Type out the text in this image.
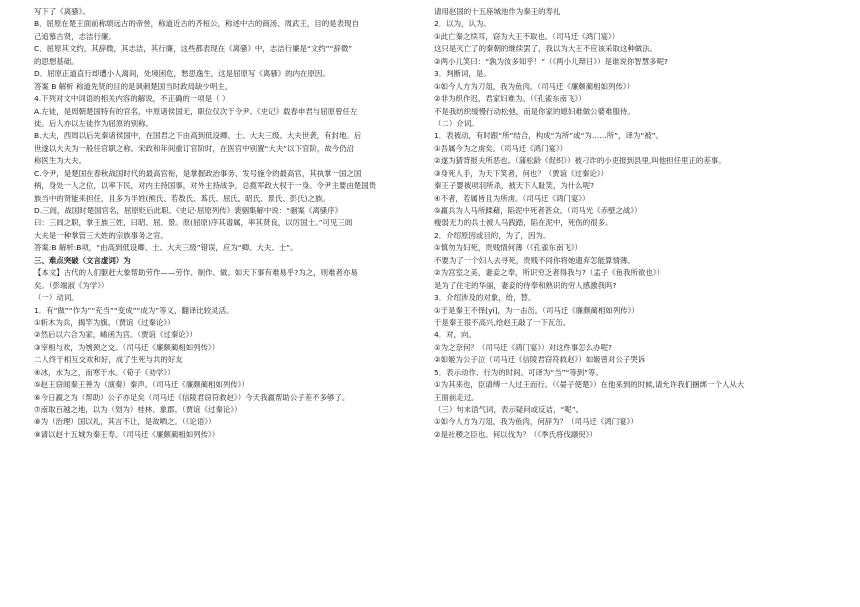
写下了《离骚》。
B．屈原在楚王面前称颂远古的帝喾，称道近古的齐桓公，称述中古的商汤、周武王，目的是表现自
己追慕古贤，志洁行廉。
C．屈原其文约，其辞微，其志洁，其行廉，这些都表现在《离骚》中，志洁行廉是“文约”“辞微”
的思想基础。
D．屈原正道直行却遭小人离间，处境困危，愁思逸生，这是屈原写《离骚》的内在原因。
答案 B 解析 称道先贤的目的是讽刺楚国当时政局缺少明主。
4.下列对文中词语的相关内容的解说，不正确的一项是（ ）
A.左徒，是周朝楚国特有的官名，中原诸侯国无，职位仅次于令尹。《史记》载春申君与屈原曾任左
徒。后人亦以左徒作为屈原的别称。
B.大夫，西周以后先秦诸侯国中，在国君之下由高到低设卿、士、大夫三级。大夫世袭，有封地。后
世遂以大夫为一般任官职之称。宋政和年间重订官阶时，在医官中别置“大夫”以下官阶，故今仍沿
称医生为大夫。
C.令尹，是楚国在春秋战国时代的最高官衔，是掌握政治事务、发号施令的最高官，其执掌一国之国
柄，身处一人之位，以率下民，对内主持国事，对外主持战争，总揽军政大权于一身。令尹主要由楚国贵
族当中的贤能来担任，且多为半姓(熊氏、若敖氏、蒍氏、屈氏、昭氏、景氏、彭氏)之族。
D.三闾，战国时楚国官名，屈原贬后此职。《史记·屈原列传》裴骃集解中说：“骃案《离骚序》
曰：三闾之职，掌王族三姓，曰昭、屈、景。原(屈原)序其谱属，率其贤良，以厉国士。”可见三闾
大夫是一种掌管三大姓的宗族事务之官。
答案:B 解析:B项，“由高到低设卿、士、大夫三级”错误，应为“卿、大夫、士”。
三、难点突破（文言虚词）为
【本文】古代的人们躯赶大象帮助劳作——劳作、制作、做。如天下事有难易乎?为之，则难者亦易
矣。（彭端淑《为学》）
（一）动词。
1．有“做”“作为”“充当”“变成”“成为”等义，翻译比较灵活。
①斩木为兵，揭竿为旗。（贾谊《过秦论》）
②然后以六合为家，崤函为宫。（贾谊《过秦论》）
③宰相与欢，为刎颈之交。（司马迁《廉颇蔺相如列传》）
二人终于相互交欢和好，成了生死与共的好友
④冰，水为之，而寒于水。（荀子《劝学》）
⑤赵王窃闻秦王善为（演奏）秦声。（司马迁《廉颇蔺相如列传》）
⑥今日嬴之为（帮助）公子亦足矣（司马迁《信陵君窃符救赵》）今天我嬴帮助公子差不多够了。
⑦南取百越之地，以为（划为）桂林、象郡。（贾谊《过秦论》）
⑧为（治理）国以礼，其言不让，是故哂之。（《论语》）
⑨请以赵十五城为秦王寿。（司马迁《廉颇蔺相如列传》）
请用赵国的十五座城池作为秦王的寿礼
2．以为，认为。
①此亡秦之续耳，窃为大王不取也。（司马迁《鸿门宴》）
这只是灭亡了的秦朝的继续罢了，我以为大王不应该采取这种做法。
②两小儿笑曰：“孰为汝多知乎！”（《两小儿辩日》）是谁说你智慧多呢?
3．判断词，是。
①如今人方为刀俎，我为鱼肉。（司马迁《廉颇蔺相如列传》）
②非为织作迟，君家妇难为。（《孔雀东南飞》）
不是我纺织缓慢行动松弛，而是你家的媳妇难做公婆难服侍。
（二）介词。
1．表被动，有时跟“所”结合，构成“为所”或“为……所”，译为“被”。
①吾属今为之虏矣。（司马迁《鸿门宴》）
②遂为猜背报夫所恶也。（蒲松龄《促织》）被刁诈的小吏报到县里,叫他担任里正的差事。
③身死人手，为天下笑者，何也？（贾谊《过秦论》）
秦王子婴被项羽所杀，被天下人耻笑，为什么呢?
④不者，若属皆且为所虏。（司马迁《鸿门宴》）
⑤羸兵为人马所蹂藉，陷泥中死者甚众。（司马光《赤壁之战》）
瘦弱无力的兵士被人马践踏，陷在泥中，死伤的很多。
2．介绍原因或目的，为了，因为。
①慎勿为妇死，贵贱情何薄（《孔雀东南飞》）
不要为了一个妇人去寻死，贵贱不同你将她遗弃怎能算情薄。
②为宫室之美，妻妾之奉，所识穷乏者得我与?（孟子《鱼我所欲也》）
是为了住宅的华丽，妻妾的侍奉和熟识的穷人感激我吗?
3．介绍涉及的对象，给，替。
①于是秦王不怿[yì]，为一击缶。（司马迁《廉颇蔺相如列传》）
于是秦王很不高兴,给赵王敲了一下瓦缶。
4．对，向。
①为之奈何？（司马迁《鸿门宴》）对这件事怎么办呢?
②如姬为公子泣（司马迁《信陵君窃符救赵》）如姬曾对公子哭诉
5．表示动作、行为的时间。可译为“当”“等到”等。
①为其来也，臣请缚一人过王而行。（《晏子使楚》）在他来到的时候,请允许我们捆绑一个人从大
王面前走过。
（三）句末语气词，表示疑问或反诘，“呢”。
①如今人方为刀俎，我为鱼肉，何辞为？（司马迁《鸿门宴》）
②是社稷之臣也。何以伐为？（《季氏将伐颛臾》）
